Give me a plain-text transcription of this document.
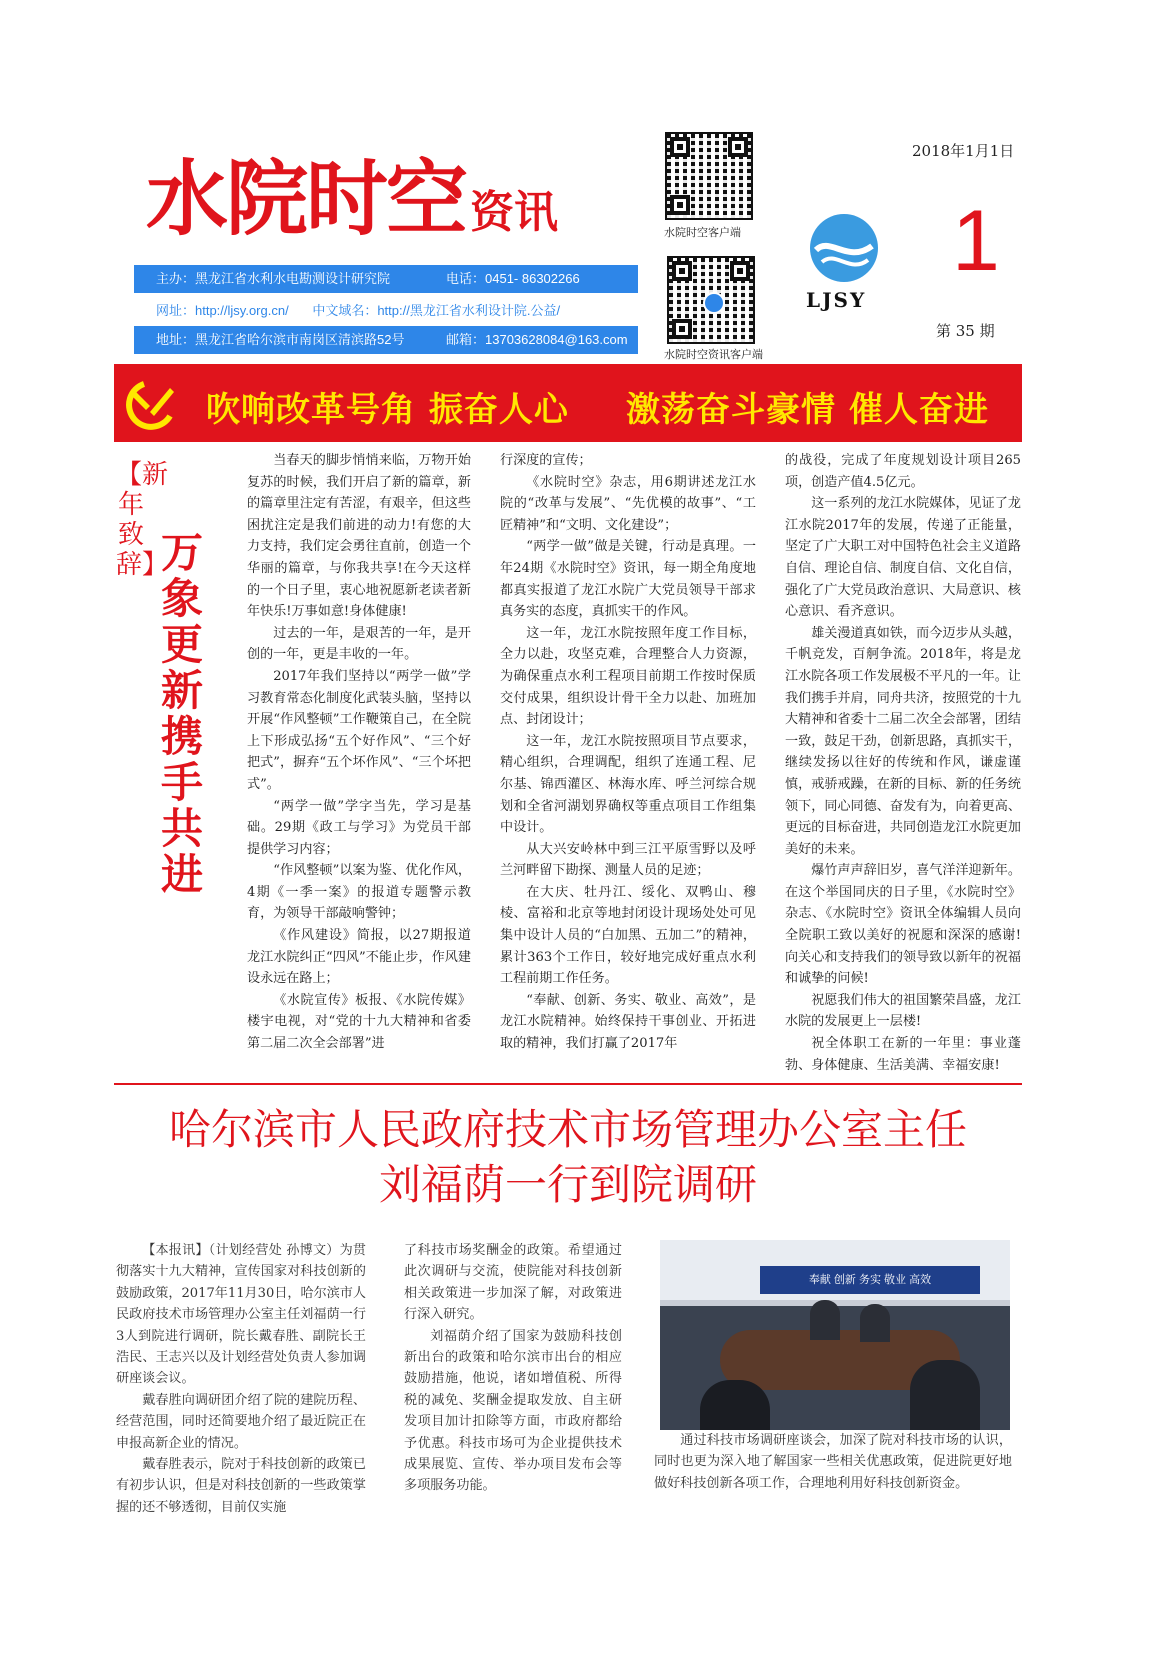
水院时空资讯
主办：黑龙江省水利水电勘测设计研究院	电话：0451- 86302266
网址：http://ljsy.org.cn/ 中文域名：http://黑龙江省水利设计院.公益/
地址：黑龙江省哈尔滨市南岗区清滨路52号	邮箱：13703628084@163.com
水院时空客户端
水院时空资讯客户端
LJSY
2018年1月1日
1
第 35 期
吹响改革号角 振奋人心 激荡奋斗豪情 催人奋进
【新年致辞】
万象更新 携手共进

当春天的脚步悄悄来临，万物开始复苏的时候，我们开启了新的篇章，新的篇章里注定有苦涩，有艰辛，但这些困扰注定是我们前进的动力!有您的大力支持，我们定会勇往直前，创造一个华丽的篇章，与你我共享!在今天这样的一个日子里，衷心地祝愿新老读者新年快乐!万事如意!身体健康!

过去的一年，是艰苦的一年，是开创的一年，更是丰收的一年。

2017年我们坚持以“两学一做”学习教育常态化制度化武装头脑，坚持以开展“作风整顿”工作鞭策自己，在全院上下形成弘扬“五个好作风”、“三个好把式”，摒弃“五个坏作风”、“三个坏把式”。

“两学一做”学字当先，学习是基础。29期《政工与学习》为党员干部提供学习内容；

“作风整顿”以案为鉴、优化作风，4期《一季一案》的报道专题警示教育，为领导干部敲响警钟；

《作风建设》简报，以27期报道龙江水院纠正“四风”不能止步，作风建设永远在路上；

《水院宣传》板报、《水院传媒》楼宇电视，对“党的十九大精神和省委第二届二次全会部署”进

行深度的宣传；

《水院时空》杂志，用6期讲述龙江水院的“改革与发展”、“先优模的故事”、“工匠精神”和“文明、文化建设”；

“两学一做”做是关键，行动是真理。一年24期《水院时空》资讯，每一期全角度地都真实报道了龙江水院广大党员领导干部求真务实的态度，真抓实干的作风。

这一年，龙江水院按照年度工作目标，全力以赴，攻坚克难，合理整合人力资源，为确保重点水利工程项目前期工作按时保质交付成果，组织设计骨干全力以赴、加班加点、封闭设计；

这一年，龙江水院按照项目节点要求，精心组织，合理调配，组织了连通工程、尼尔基、锦西灌区、林海水库、呼兰河综合规划和全省河湖划界确权等重点项目工作组集中设计。

从大兴安岭林中到三江平原雪野以及呼兰河畔留下勘探、测量人员的足迹；

在大庆、牡丹江、绥化、双鸭山、穆棱、富裕和北京等地封闭设计现场处处可见集中设计人员的“白加黑、五加二”的精神，累计363个工作日，较好地完成好重点水利工程前期工作任务。

“奉献、创新、务实、敬业、高效”，是龙江水院精神。始终保持干事创业、开拓进取的精神，我们打赢了2017年

的战役，完成了年度规划设计项目265项，创造产值4.5亿元。

这一系列的龙江水院媒体，见证了龙江水院2017年的发展，传递了正能量，坚定了广大职工对中国特色社会主义道路自信、理论自信、制度自信、文化自信，强化了广大党员政治意识、大局意识、核心意识、看齐意识。

雄关漫道真如铁，而今迈步从头越，千帆竞发，百舸争流。2018年，将是龙江水院各项工作发展极不平凡的一年。让我们携手并肩，同舟共济，按照党的十九大精神和省委十二届二次全会部署，团结一致，鼓足干劲，创新思路，真抓实干，继续发扬以往好的传统和作风，谦虚谨慎，戒骄戒躁，在新的目标、新的任务统领下，同心同德、奋发有为，向着更高、更远的目标奋进，共同创造龙江水院更加美好的未来。

爆竹声声辞旧岁，喜气洋洋迎新年。在这个举国同庆的日子里，《水院时空》杂志、《水院时空》资讯全体编辑人员向全院职工致以美好的祝愿和深深的感谢!向关心和支持我们的领导致以新年的祝福和诚挚的问候!

祝愿我们伟大的祖国繁荣昌盛，龙江水院的发展更上一层楼!

祝全体职工在新的一年里：事业蓬勃、身体健康、生活美满、幸福安康!

哈尔滨市人民政府技术市场管理办公室主任
刘福荫一行到院调研

【本报讯】（计划经营处 孙博文）为贯彻落实十九大精神，宣传国家对科技创新的鼓励政策，2017年11月30日，哈尔滨市人民政府技术市场管理办公室主任刘福荫一行3人到院进行调研，院长戴春胜、副院长王浩民、王志兴以及计划经营处负责人参加调研座谈会议。

戴春胜向调研团介绍了院的建院历程、经营范围，同时还简要地介绍了最近院正在申报高新企业的情况。

戴春胜表示，院对于科技创新的政策已有初步认识，但是对科技创新的一些政策掌握的还不够透彻，目前仅实施

了科技市场奖酬金的政策。希望通过此次调研与交流，使院能对科技创新相关政策进一步加深了解，对政策进行深入研究。

刘福荫介绍了国家为鼓励科技创新出台的政策和哈尔滨市出台的相应鼓励措施，他说，诸如增值税、所得税的减免、奖酬金提取发放、自主研发项目加计扣除等方面，市政府都给予优惠。科技市场可为企业提供技术成果展览、宣传、举办项目发布会等多项服务功能。

奉献 创新 务实 敬业 高效

通过科技市场调研座谈会，加深了院对科技市场的认识，同时也更为深入地了解国家一些相关优惠政策，促进院更好地做好科技创新各项工作，合理地利用好科技创新资金。
